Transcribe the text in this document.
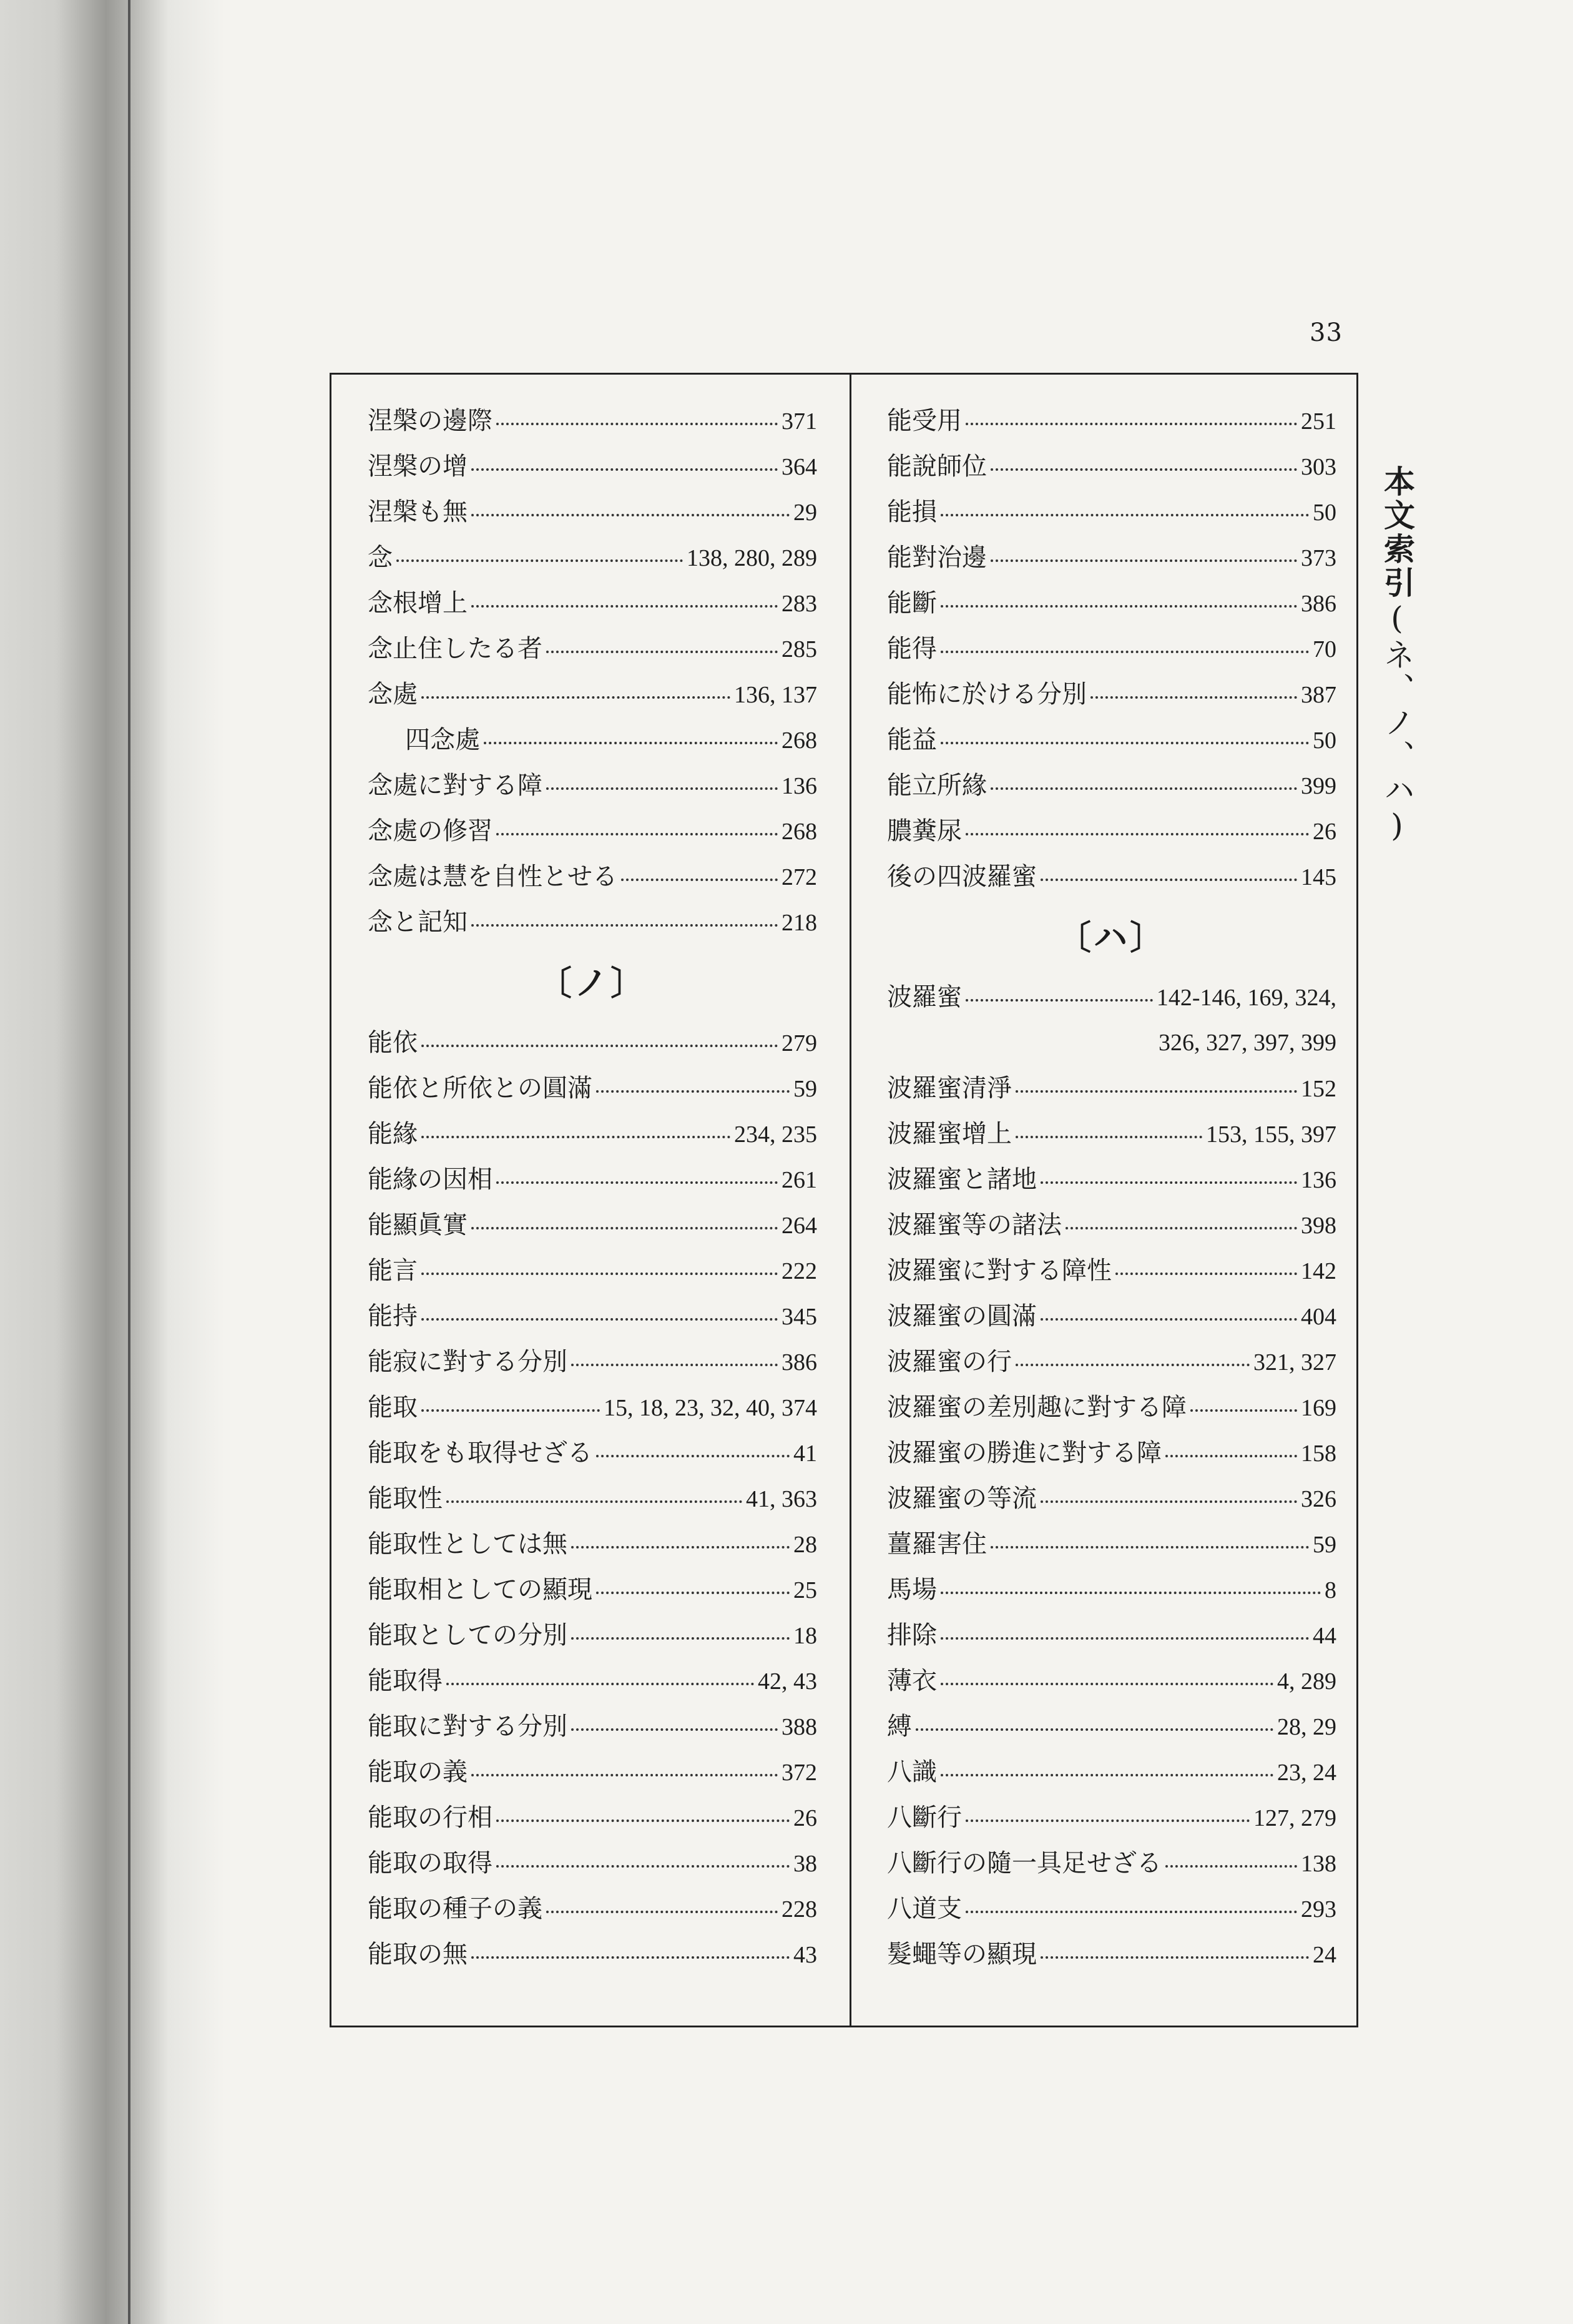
33
涅槃の邊際	371
涅槃の增	364
涅槃も無	29
念	138, 280, 289
念根增上	283
念止住したる者	285
念處	136, 137
四念處	268
念處に對する障	136
念處の修習	268
念處は慧を自性とせる	272
念と記知	218
〔ノ〕
能依	279
能依と所依との圓滿	59
能緣	234, 235
能緣の因相	261
能顯眞實	264
能言	222
能持	345
能寂に對する分別	386
能取	15, 18, 23, 32, 40, 374
能取をも取得せざる	41
能取性	41, 363
能取性としては無	28
能取相としての顯現	25
能取としての分別	18
能取得	42, 43
能取に對する分別	388
能取の義	372
能取の行相	26
能取の取得	38
能取の種子の義	228
能取の無	43
能受用	251
能說師位	303
能損	50
能對治邊	373
能斷	386
能得	70
能怖に於ける分別	387
能益	50
能立所緣	399
膿糞尿	26
後の四波羅蜜	145
〔ハ〕
波羅蜜	142-146, 169, 324,
326, 327, 397, 399
波羅蜜清淨	152
波羅蜜增上	153, 155, 397
波羅蜜と諸地	136
波羅蜜等の諸法	398
波羅蜜に對する障性	142
波羅蜜の圓滿	404
波羅蜜の行	321, 327
波羅蜜の差別趣に對する障	169
波羅蜜の勝進に對する障	158
波羅蜜の等流	326
薑羅害住	59
馬場	8
排除	44
薄衣	4, 289
縛	28, 29
八識	23, 24
八斷行	127, 279
八斷行の隨一具足せざる	138
八道支	293
髮蠅等の顯現	24
本文索引(ネ、ノ、ハ)
